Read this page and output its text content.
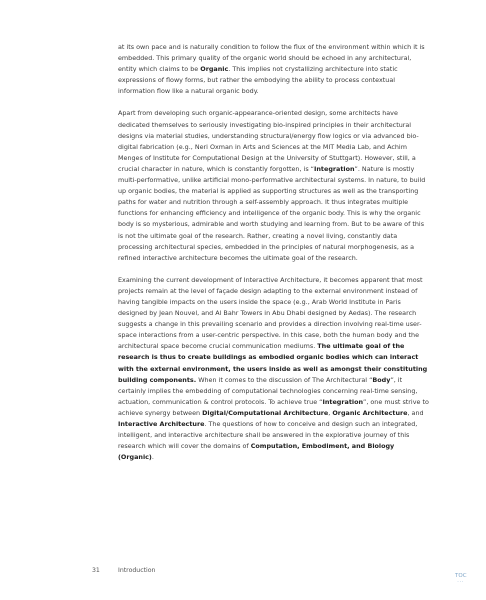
at its own pace and is naturally condition to follow the flux of the environment within which it is embedded. This primary quality of the organic world should be echoed in any architectural, entity which claims to be Organic. This implies not crystallizing architecture into static expressions of flowy forms, but rather the embodying the ability to process contextual information flow like a natural organic body.

Apart from developing such organic-appearance-oriented design, some architects have dedicated themselves to seriously investigating bio-inspired principles in their architectural designs via material studies, understanding structural/energy flow logics or via advanced bio-digital fabrication (e.g., Neri Oxman in Arts and Sciences at the MIT Media Lab, and Achim Menges of Institute for Computational Design at the University of Stuttgart). However, still, a crucial character in nature, which is constantly forgotten, is “Integration”. Nature is mostly multi-performative, unlike artificial mono-performative architectural systems. In nature, to build up organic bodies, the material is applied as supporting structures as well as the transporting paths for water and nutrition through a self-assembly approach. It thus integrates multiple functions for enhancing efficiency and intelligence of the organic body. This is why the organic body is so mysterious, admirable and worth studying and learning from. But to be aware of this is not the ultimate goal of the research. Rather, creating a novel living, constantly data processing architectural species, embedded in the principles of natural morphogenesis, as a refined interactive architecture becomes the ultimate goal of the research.

Examining the current development of Interactive Architecture, it becomes apparent that most projects remain at the level of façade design adapting to the external environment instead of having tangible impacts on the users inside the space (e.g., Arab World Institute in Paris designed by Jean Nouvel, and Al Bahr Towers in Abu Dhabi designed by Aedas). The research suggests a change in this prevailing scenario and provides a direction involving real-time user-space interactions from a user-centric perspective. In this case, both the human body and the architectural space become crucial communication mediums. The ultimate goal of the research is thus to create buildings as embodied organic bodies which can interact with the external environment, the users inside as well as amongst their constituting building components. When it comes to the discussion of The Architectural “Body”, it certainly implies the embedding of computational technologies concerning real-time sensing, actuation, communication & control protocols. To achieve true “Integration”, one must strive to achieve synergy between Digital/Computational Architecture, Organic Architecture, and Interactive Architecture. The questions of how to conceive and design such an integrated, intelligent, and interactive architecture shall be answered in the explorative journey of this research which will cover the domains of Computation, Embodiment, and Biology (Organic).

31	Introduction
TOC
···
